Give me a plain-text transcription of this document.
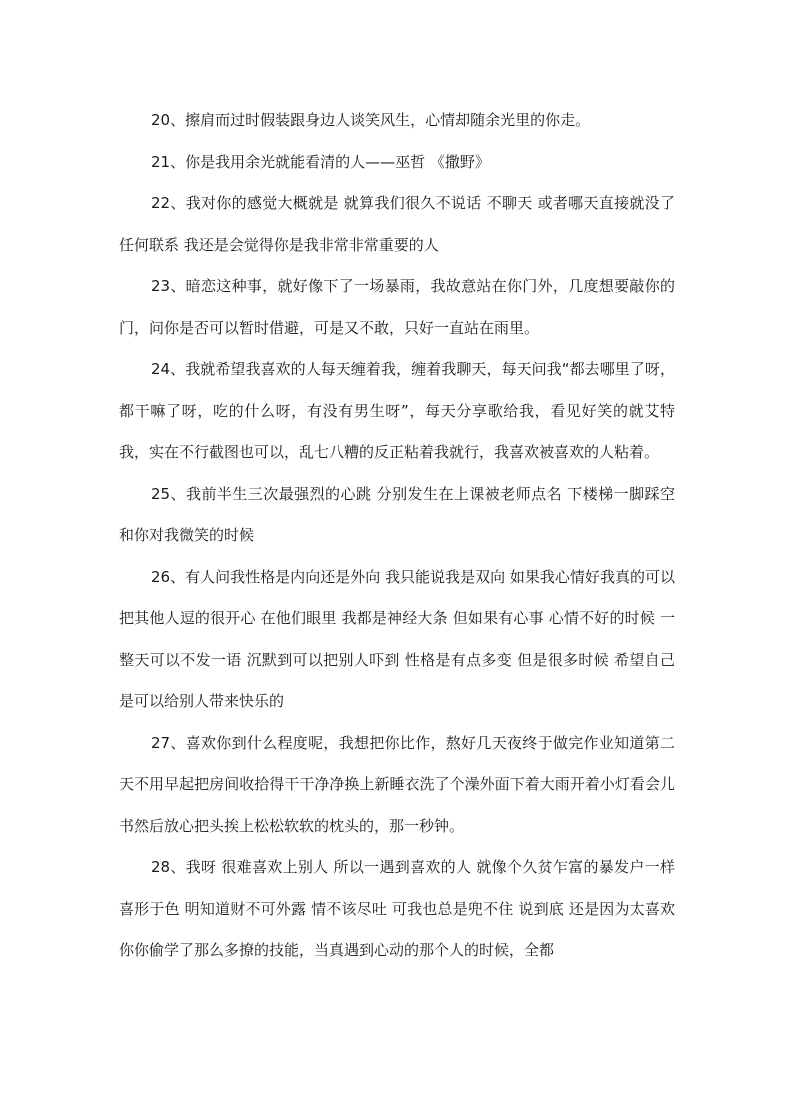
20、擦肩而过时假装跟身边人谈笑风生，心情却随余光里的你走。

21、你是我用余光就能看清的人——巫哲 《撒野》

22、我对你的感觉大概就是 就算我们很久不说话 不聊天 或者哪天直接就没了任何联系 我还是会觉得你是我非常非常重要的人

23、暗恋这种事，就好像下了一场暴雨，我故意站在你门外，几度想要敲你的门，问你是否可以暂时借避，可是又不敢，只好一直站在雨里。

24、我就希望我喜欢的人每天缠着我，缠着我聊天，每天问我“都去哪里了呀，都干嘛了呀，吃的什么呀，有没有男生呀”，每天分享歌给我，看见好笑的就艾特我，实在不行截图也可以，乱七八糟的反正粘着我就行，我喜欢被喜欢的人粘着。

25、我前半生三次最强烈的心跳 分别发生在上课被老师点名 下楼梯一脚踩空 和你对我微笑的时候

26、有人问我性格是内向还是外向 我只能说我是双向 如果我心情好我真的可以把其他人逗的很开心 在他们眼里 我都是神经大条 但如果有心事 心情不好的时候 一整天可以不发一语 沉默到可以把别人吓到 性格是有点多变 但是很多时候 希望自己是可以给别人带来快乐的

27、喜欢你到什么程度呢，我想把你比作，熬好几天夜终于做完作业知道第二天不用早起把房间收拾得干干净净换上新睡衣洗了个澡外面下着大雨开着小灯看会儿书然后放心把头挨上松松软软的枕头的，那一秒钟。

28、我呀 很难喜欢上别人 所以一遇到喜欢的人 就像个久贫乍富的暴发户一样喜形于色 明知道财不可外露 情不该尽吐 可我也总是兜不住 说到底 还是因为太喜欢你你偷学了那么多撩的技能，当真遇到心动的那个人的时候，全都
